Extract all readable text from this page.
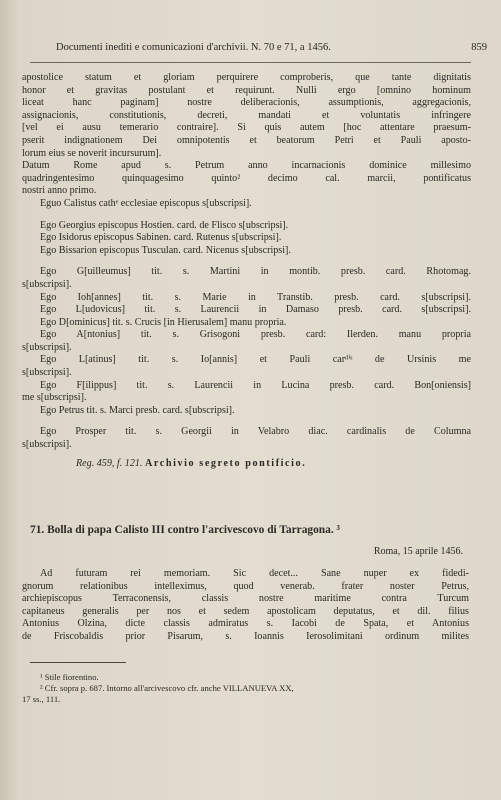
Documenti inediti e comunicazioni d'archivii. N. 70 e 71, a 1456.	859
apostolice statum et gloriam perquirere comproberis, que tante dignitatis
honor et gravitas postulant et requirunt. Nulli ergo [omnino hominum
liceat hanc paginam] nostre deliberacionis, assumptionis, aggregacionis,
assignacionis, constitutionis, decreti, mandati et voluntatis infringere
[vel ei ausu temerario contraire]. Si quis autem [hoc attentare praesum-
pserit indignationem Dei omnipotentis et beatorum Petri et Pauli aposto-
lorum eius se noverit incursurum].
Datum Rome apud s. Petrum anno incarnacionis dominice millesimo
quadringentesimo quinquagesimo quinto² decimo cal. marcii, pontificatus
nostri anno primo.
Eguo Calistus cathᵉ ecclesiae episcopus s[ubscripsi].
Ego Georgius episcopus Hostien. card. de Flisco s[ubscripsi].
Ego Isidorus episcopus Sabinen. card. Rutenus s[ubscripsi].
Ego Bissarion episcopus Tusculan. card. Nicenus s[ubscripsi].
Ego G[uilleumus] tit. s. Martini in montib. presb. card. Rhotomag.
s[ubscripsi].
Ego Ioh[annes] tit. s. Marie in Transtib. presb. card. s[ubscripsi].
Ego L[udovicus] tit. s. Laurencii in Damaso presb. card. s[ubscripsi].
Ego D[ominicus] tit. s. Crucis [in Hierusalem] manu propria.
Ego A[ntonius] tit. s. Grisogoni presb. card: Ilerden. manu propria
s[ubscripsi].
Ego L[atinus] tit. s. Io[annis] et Pauli carᵈⁱˢ de Ursinis me
s[ubscripsi].
Ego F[ilippus] tit. s. Laurencii in Lucina presb. card. Bon[oniensis]
me s[ubscripsi].
Ego Petrus tit. s. Marci presb. card. s[ubscripsi].
Ego Prosper tit. s. Georgii in Velabro diac. cardinalis de Columna
s[ubscripsi].
Reg. 459, f. 121. Archivio segreto pontificio.
71. Bolla di papa Calisto III contro l'arcivescovo di Tarragona. ³
Roma, 15 aprile 1456.
Ad futuram rei memoriam. Sic decet... Sane nuper ex fidedi-
gnorum relationibus intelleximus, quod venerab. frater noster Petrus,
archiepiscopus Terraconensis, classis nostre maritime contra Turcum
capitaneus generalis per nos et sedem apostolicam deputatus, et dil. filius
Antonius Olzina, dicte classis admiratus s. Iacobi de Spata, et Antonius
de Friscobaldis prior Pisarum, s. Ioannis Ierosolimitani ordinum milites
¹ Stile fiorentino.
² Cfr. sopra p. 687. Intorno all'arcivescovo cfr. anche VILLANUEVA XX,
17 ss., 111.
